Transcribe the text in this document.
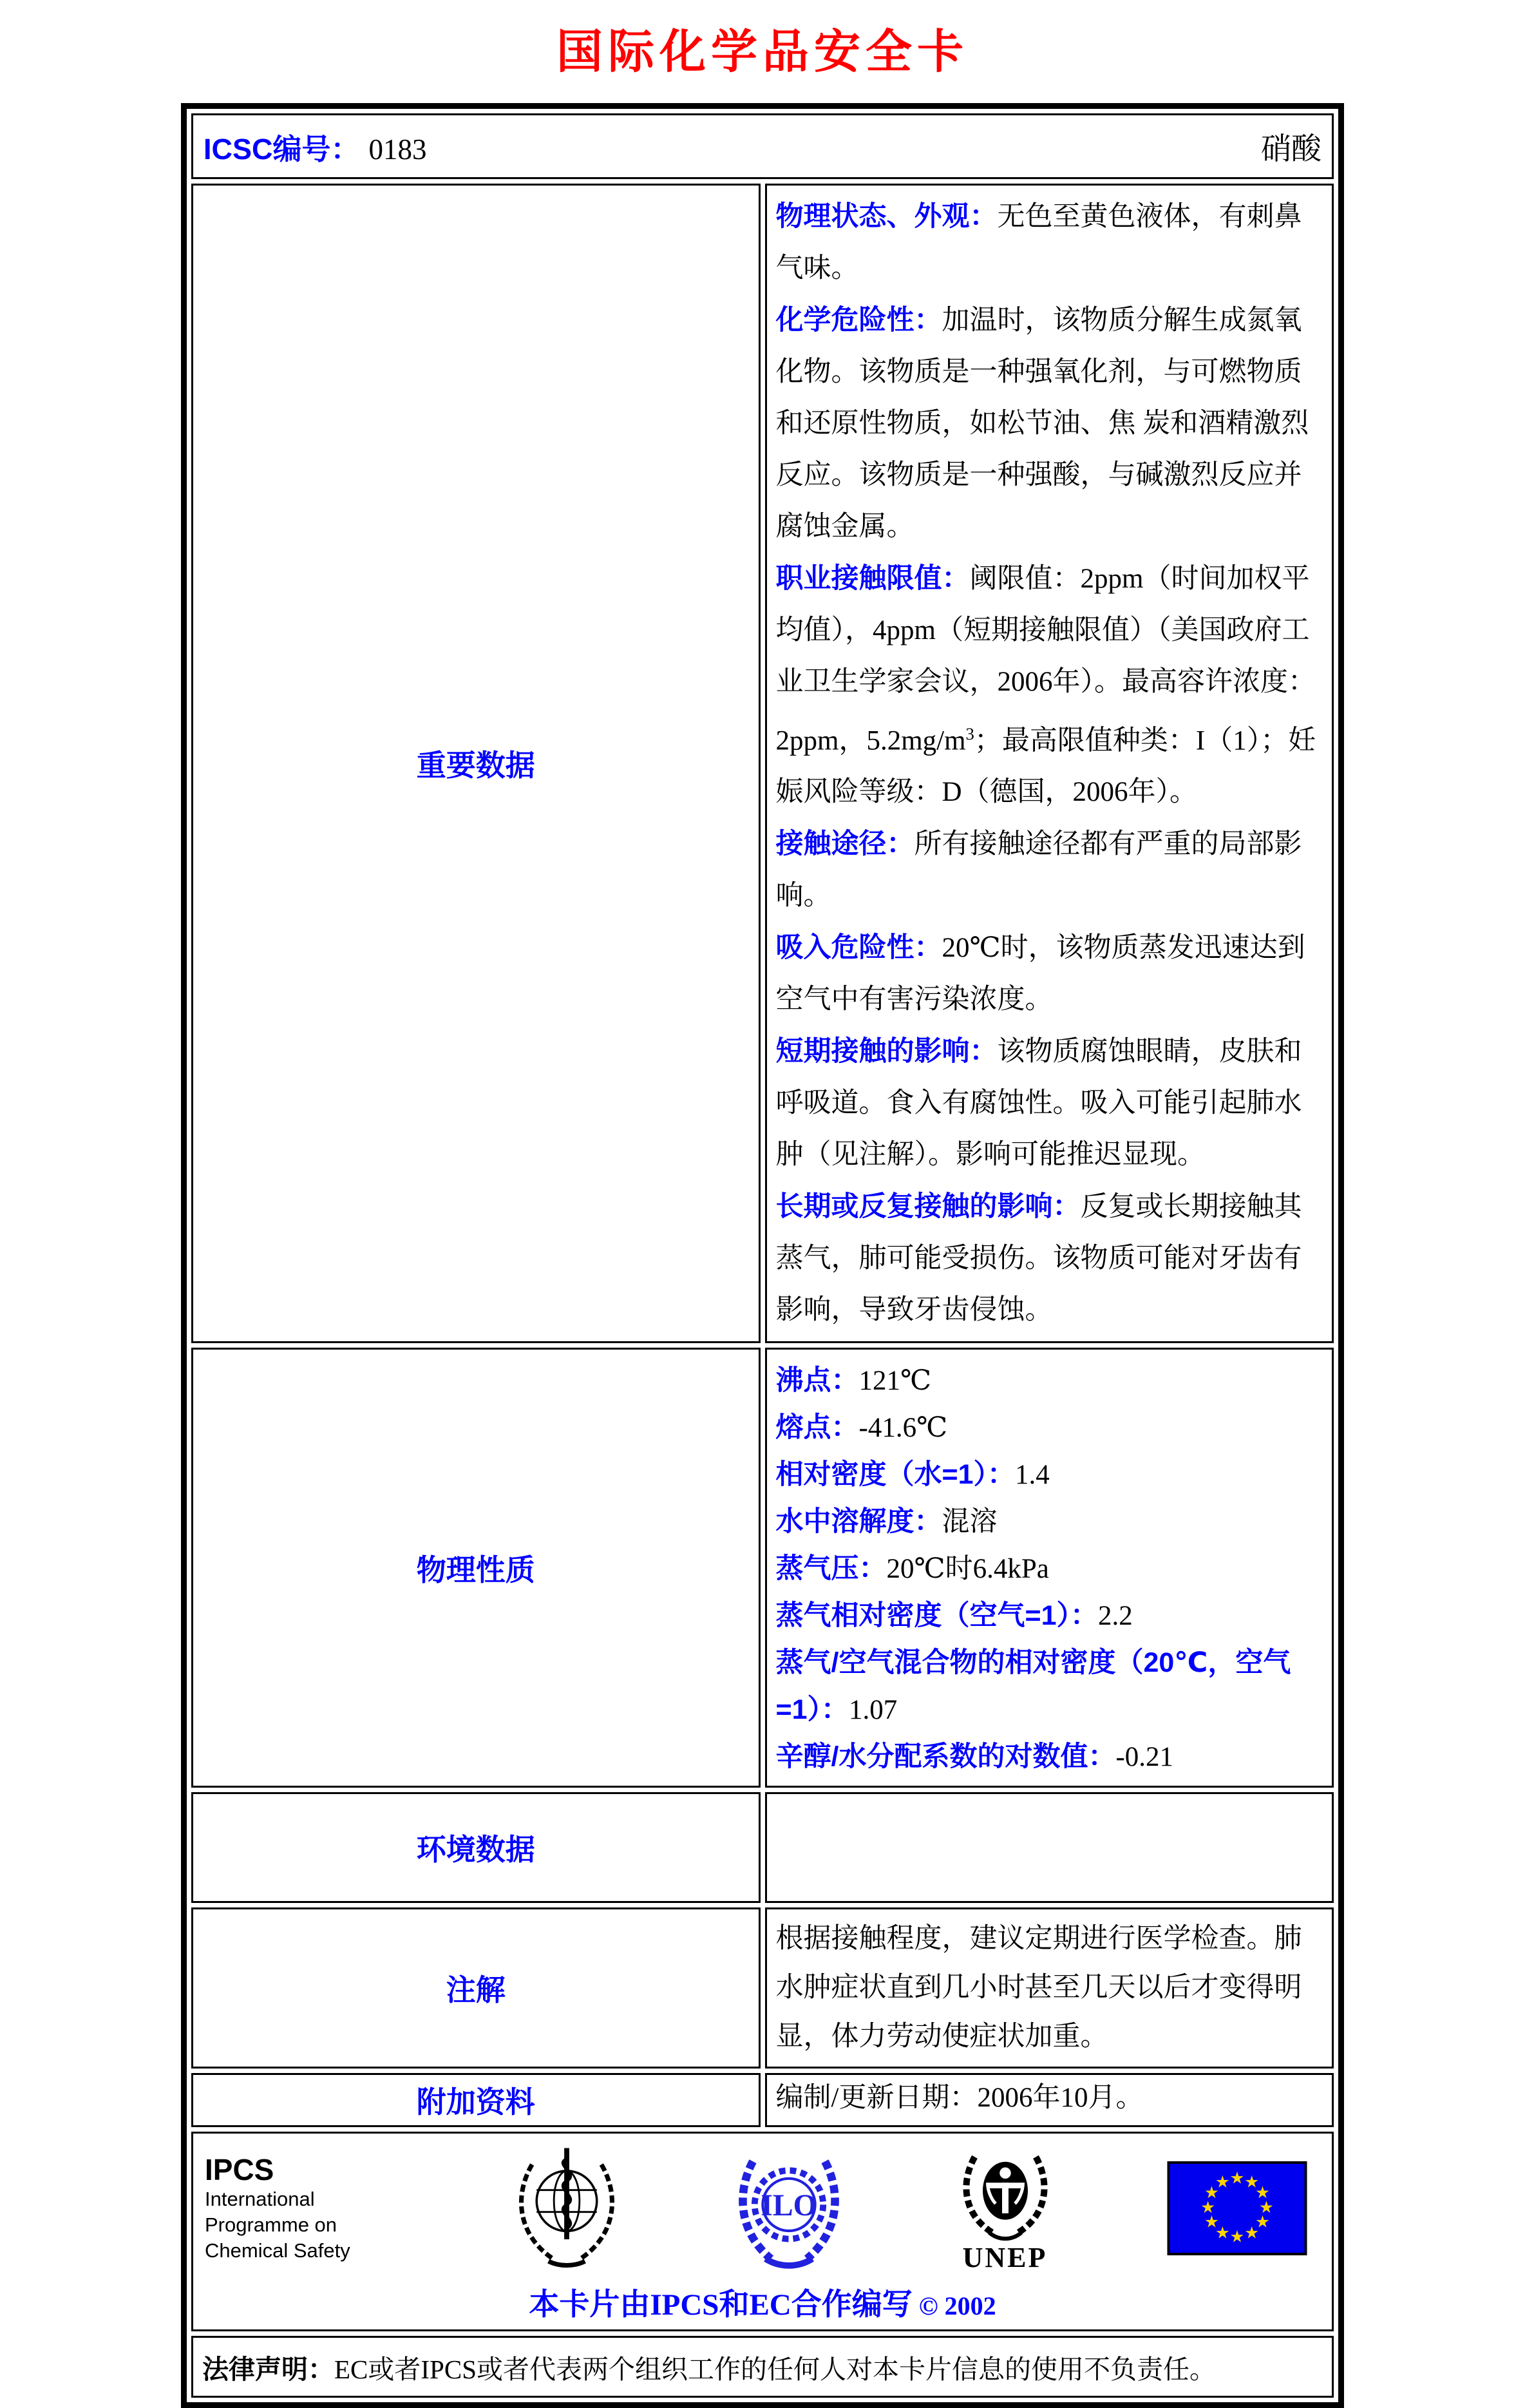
国际化学品安全卡
ICSC编号： 0183 硝酸	

重要数据	
物理状态、外观：无色至黄色液体，有刺鼻气味。
化学危险性：加温时，该物质分解生成氮氧化物。该物质是一种强氧化剂，与可燃物质和还原性物质，如松节油、焦 炭和酒精激烈反应。该物质是一种强酸，与碱激烈反应并腐蚀金属。
职业接触限值：阈限值：2ppm（时间加权平均值），4ppm（短期接触限值）（美国政府工业卫生学家会议，2006年）。最高容许浓度：2ppm，$5.2mg/m^3$；最高限值种类：I（1）；妊娠风险等级：D（德国，2006年）。
接触途径：所有接触途径都有严重的局部影响。
吸入危险性：20℃时，该物质蒸发迅速达到空气中有害污染浓度。
短期接触的影响：该物质腐蚀眼睛，皮肤和呼吸道。食入有腐蚀性。吸入可能引起肺水肿（见注解）。影响可能推迟显现。
长期或反复接触的影响：反复或长期接触其蒸气，肺可能受损伤。该物质可能对牙齿有影响，导致牙齿侵蚀。

物理性质	
沸点：121℃
熔点：-41.6℃
相对密度（水=1）：1.4
水中溶解度：混溶
蒸气压：20℃时6.4kPa
蒸气相对密度（空气=1）：2.2
蒸气/空气混合物的相对密度（20℃，空气=1）：1.07
辛醇/水分配系数的对数值：-0.21

环境数据	
注解	根据接触程度，建议定期进行医学检查。肺水肿症状直到几小时甚至几天以后才变得明显，体力劳动使症状加重。
附加资料	编制/更新日期：2006年10月。

IPCS
International
Programme on
Chemical Safety
ILO
UNEP
★ ★
★
★
★
★
★
★
★
★
★
★
本卡片由IPCS和EC合作编写 © 2002

法律声明：EC或者IPCS或者代表两个组织工作的任何人对本卡片信息的使用不负责任。	
